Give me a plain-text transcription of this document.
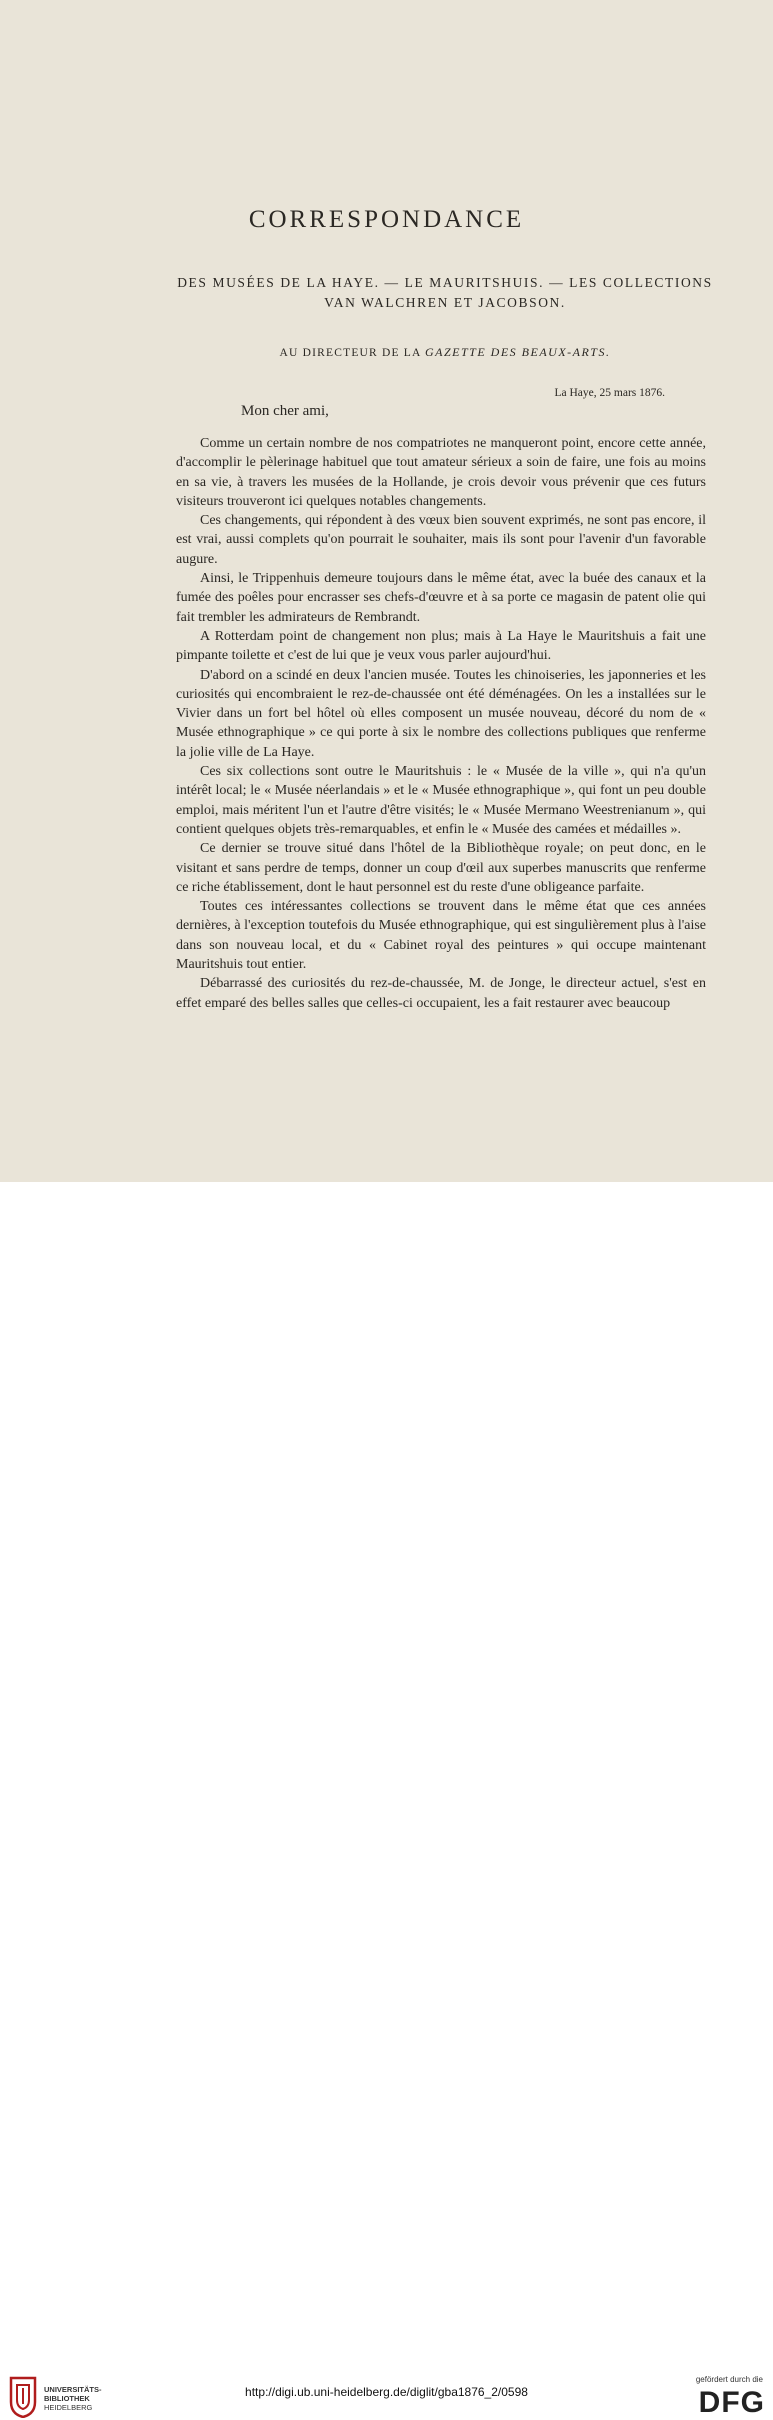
CORRESPONDANCE
DES MUSÉES DE LA HAYE. — LE MAURITSHUIS. — LES COLLECTIONS
VAN WALCHREN ET JACOBSON.
AU DIRECTEUR DE LA GAZETTE DES BEAUX-ARTS.
La Haye, 25 mars 1876.
Mon cher ami,

Comme un certain nombre de nos compatriotes ne manqueront point, encore cette année, d'accomplir le pèlerinage habituel que tout amateur sérieux a soin de faire, une fois au moins en sa vie, à travers les musées de la Hollande, je crois devoir vous prévenir que ces futurs visiteurs trouveront ici quelques notables changements.

Ces changements, qui répondent à des vœux bien souvent exprimés, ne sont pas encore, il est vrai, aussi complets qu'on pourrait le souhaiter, mais ils sont pour l'avenir d'un favorable augure.

Ainsi, le Trippenhuis demeure toujours dans le même état, avec la buée des canaux et la fumée des poêles pour encrasser ses chefs-d'œuvre et à sa porte ce magasin de patent olie qui fait trembler les admirateurs de Rembrandt.

A Rotterdam point de changement non plus; mais à La Haye le Mauritshuis a fait une pimpante toilette et c'est de lui que je veux vous parler aujourd'hui.

D'abord on a scindé en deux l'ancien musée. Toutes les chinoiseries, les japonneries et les curiosités qui encombraient le rez-de-chaussée ont été déménagées. On les a installées sur le Vivier dans un fort bel hôtel où elles composent un musée nouveau, décoré du nom de « Musée ethnographique » ce qui porte à six le nombre des collections publiques que renferme la jolie ville de La Haye.

Ces six collections sont outre le Mauritshuis : le « Musée de la ville », qui n'a qu'un intérêt local; le « Musée néerlandais » et le « Musée ethnographique », qui font un peu double emploi, mais méritent l'un et l'autre d'être visités; le « Musée Mermano Weestrenianum », qui contient quelques objets très-remarquables, et enfin le « Musée des camées et médailles ».

Ce dernier se trouve situé dans l'hôtel de la Bibliothèque royale; on peut donc, en le visitant et sans perdre de temps, donner un coup d'œil aux superbes manuscrits que renferme ce riche établissement, dont le haut personnel est du reste d'une obligeance parfaite.

Toutes ces intéressantes collections se trouvent dans le même état que ces années dernières, à l'exception toutefois du Musée ethnographique, qui est singulièrement plus à l'aise dans son nouveau local, et du « Cabinet royal des peintures » qui occupe maintenant Mauritshuis tout entier.

Débarrassé des curiosités du rez-de-chaussée, M. de Jonge, le directeur actuel, s'est en effet emparé des belles salles que celles-ci occupaient, les a fait restaurer avec beaucoup

UNIVERSITÄTS-
BIBLIOTHEK
HEIDELBERG
http://digi.ub.uni-heidelberg.de/diglit/gba1876_2/0598
gefördert durch die
DFG
